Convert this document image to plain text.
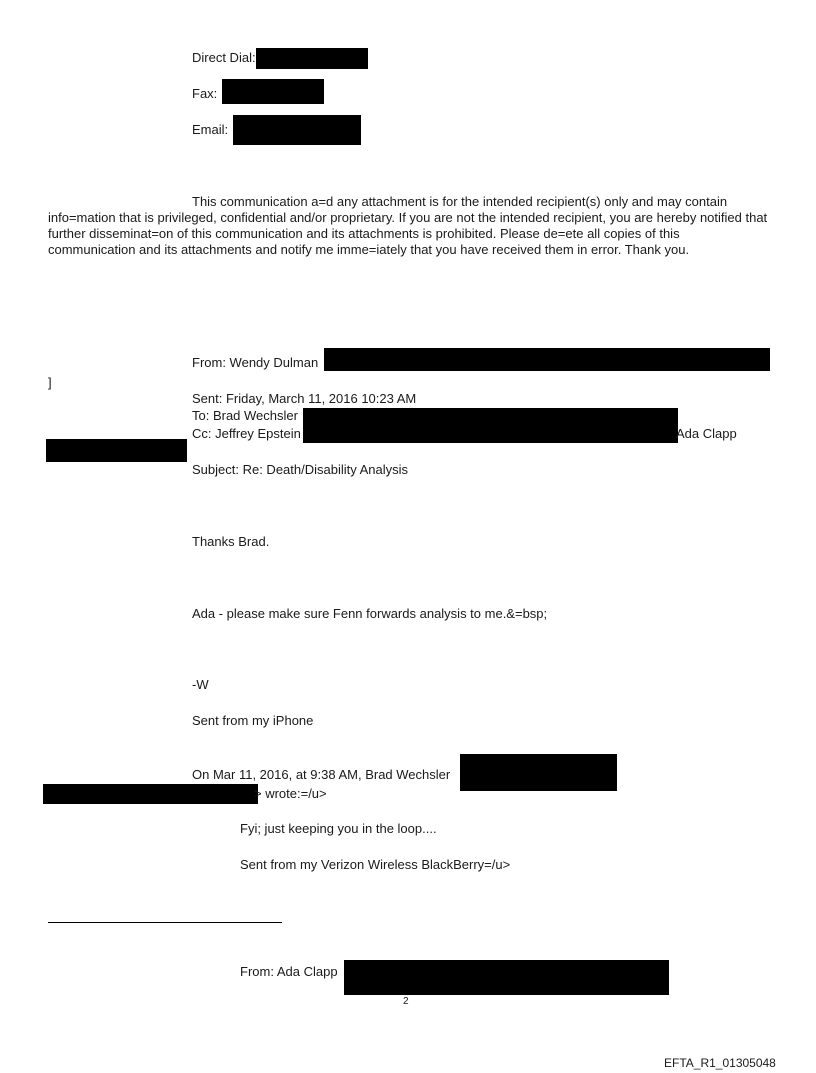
Direct Dial:
Fax:
Email:
This communication a=d any attachment is for the intended recipient(s) only and may contain info=mation that is privileged, confidential and/or proprietary. If you are not the intended recipient, you are hereby notified that further disseminat=on of this communication and its attachments is prohibited. Please de=ete all copies of this communication and its attachments and notify me imme=iately that you have received them in error. Thank you.
From: Wendy Dulman
]
Sent: Friday, March 11, 2016 10:23 AM
To: Brad Wechsler
Cc: Jeffrey Epstein	Ada Clapp
Subject: Re: Death/Disability Analysis
Thanks Brad.
Ada - please make sure Fenn forwards analysis to me.&=bsp;
-W
Sent from my iPhone
On Mar 11, 2016, at 9:38 AM, Brad Wechsler
> wrote:=/u>
Fyi; just keeping you in the loop....
Sent from my Verizon Wireless BlackBerry=/u>
From: Ada Clapp
2
EFTA_R1_01305048
